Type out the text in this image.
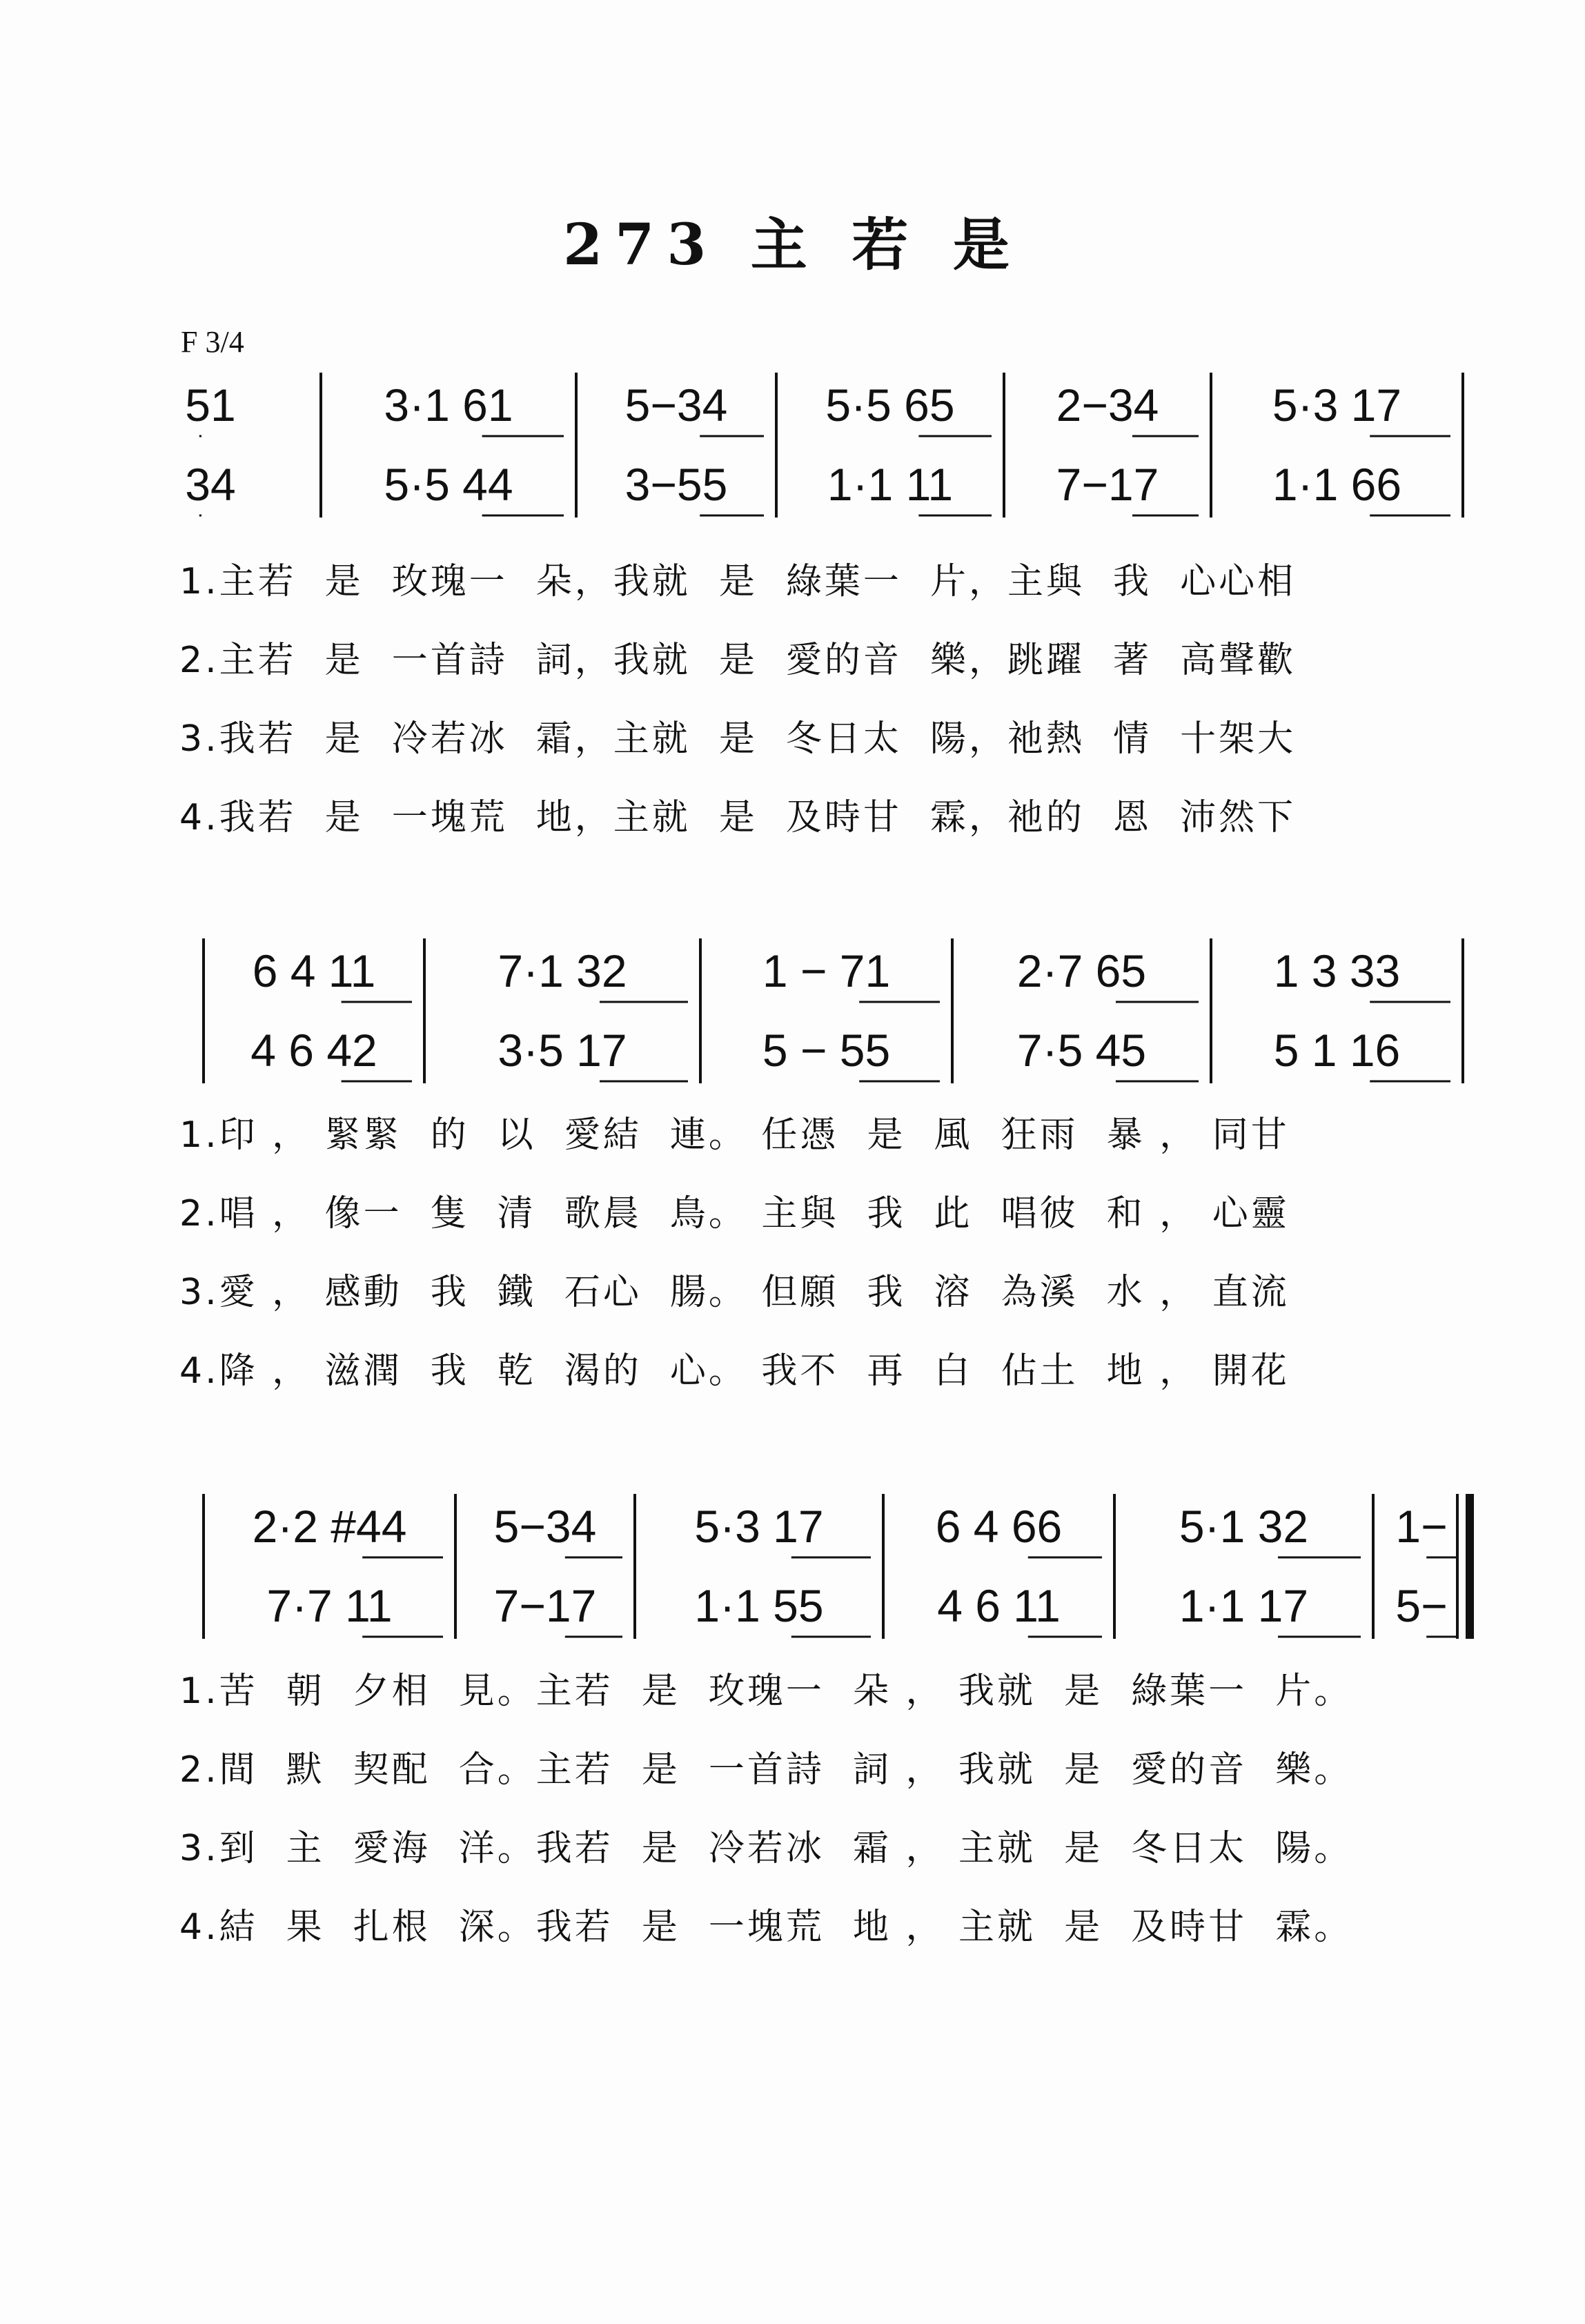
273 主 若 是
F 3/4
51
34
3·1 61
5·5 44
5−34
3−55
5·5 65
1·1 11
2−34
7−17
5·3 17
1·1 66
6 4 11
4 6 42
7·1 32
3·5 17
1 − 71
5 − 55
2·7 65
7·5 45
1 3 33
5 1 16
2·2 #44
7·7 11
5−34
7−17
5·3 17
1·1 55
6 4 66
4 6 11
5·1 32
1·1 17
1−
5−
1.主若  是  玫瑰一  朵，我就  是  綠葉一  片，主與  我  心心相
2.主若  是  一首詩  詞，我就  是  愛的音  樂，跳躍  著  高聲歡
3.我若  是  冷若冰  霜，主就  是  冬日太  陽，祂熱  情  十架大
4.我若  是  一塊荒  地，主就  是  及時甘  霖，祂的  恩  沛然下
1.印 ， 緊緊  的  以  愛結  連。 任憑  是  風  狂雨  暴 ， 同甘
2.唱 ， 像一  隻  清  歌晨  鳥。 主與  我  此  唱彼  和 ， 心靈
3.愛 ， 感動  我  鐵  石心  腸。 但願  我  溶  為溪  水 ， 直流
4.降 ， 滋潤  我  乾  渴的  心。 我不  再  白  佔土  地 ， 開花
1.苦  朝  夕相  見。主若  是  玫瑰一  朵 ， 我就  是  綠葉一  片。
2.間  默  契配  合。主若  是  一首詩  詞 ， 我就  是  愛的音  樂。
3.到  主  愛海  洋。我若  是  冷若冰  霜 ， 主就  是  冬日太  陽。
4.結  果  扎根  深。我若  是  一塊荒  地 ， 主就  是  及時甘  霖。
